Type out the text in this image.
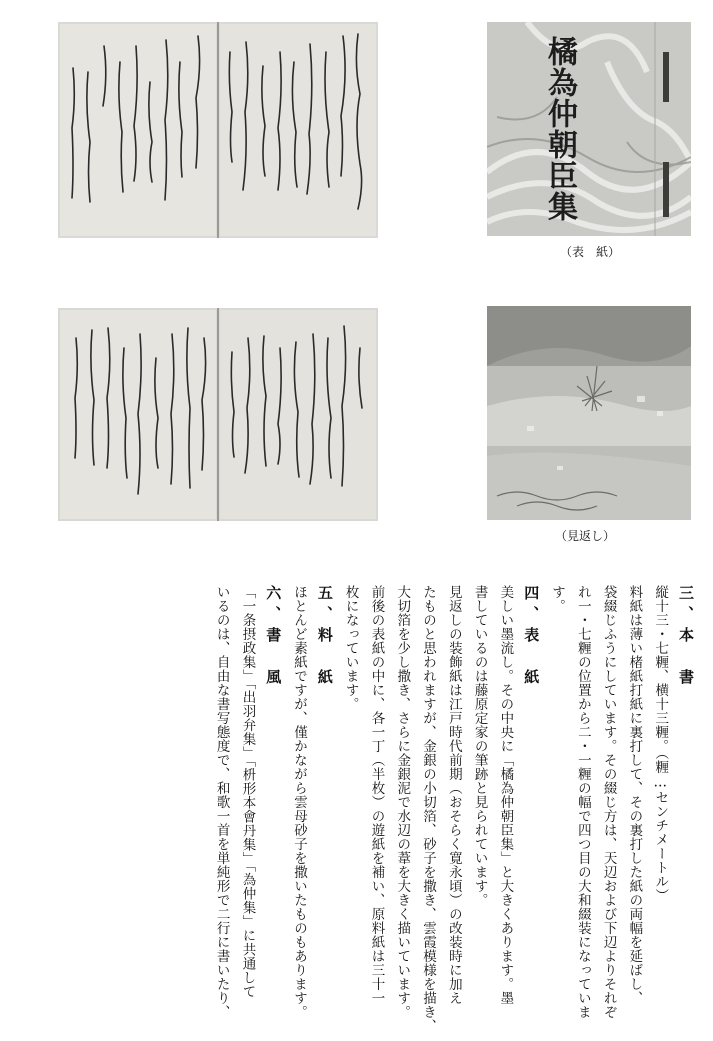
橘為仲朝臣集
（表　紙）
（見返し）
三、本　書
縦十三・七糎、横十三糎。（糎…センチメートル）
料紙は薄い楮紙打紙に裏打して、その裏打した紙の両幅を延ばし、
袋綴じふうにしています。その綴じ方は、天辺および下辺よりそれぞ
れ一・七糎の位置から二・一糎の幅で四つ目の大和綴装になっていま
す。
四、表　紙
美しい墨流し。その中央に「橘為仲朝臣集」と大きくあります。墨
書しているのは藤原定家の筆跡と見られています。
見返しの装飾紙は江戸時代前期（おそらく寛永頃）の改装時に加え
たものと思われますが、金銀の小切箔、砂子を撒き、雲霞模様を描き、
大切箔を少し撒き、さらに金銀泥で水辺の葦を大きく描いています。
前後の表紙の中に、各一丁（半枚）の遊紙を補い、原料紙は三十一
枚になっています。
五、料　紙
ほとんど素紙ですが、僅かながら雲母砂子を撒いたものもあります。
六、書　風
「一条摂政集」「出羽弁集」「枡形本會丹集」「為仲集」に共通して
いるのは、自由な書写態度で、和歌一首を単純形で二行に書いたり、
